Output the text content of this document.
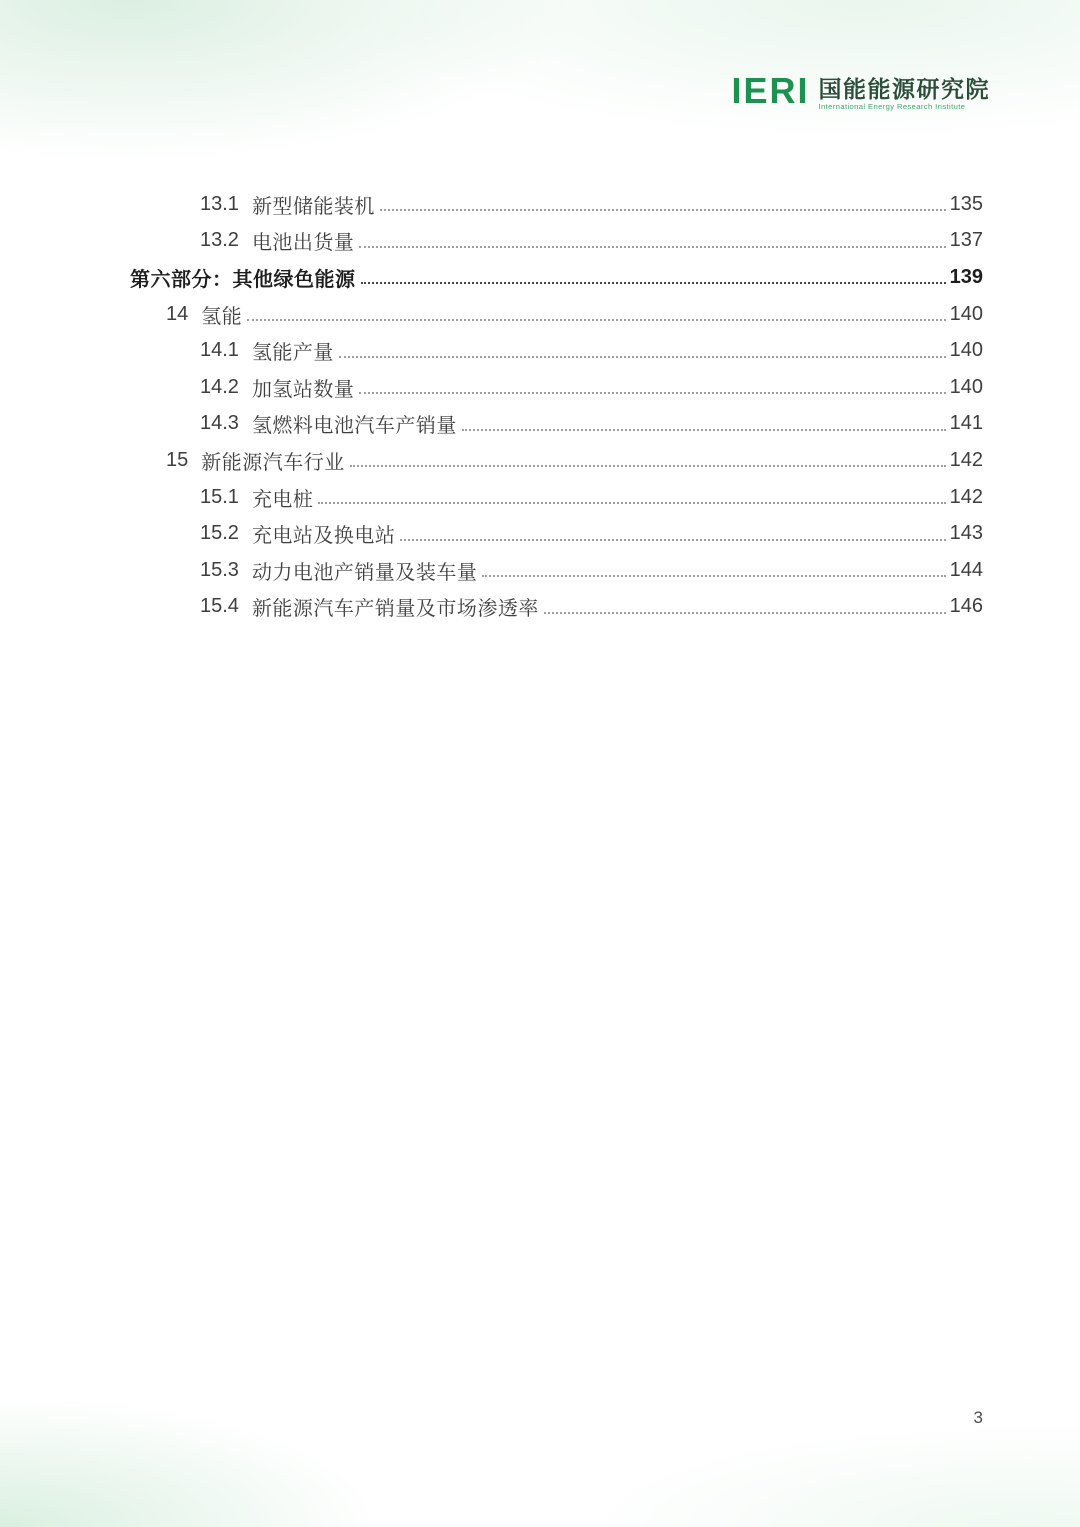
IERI 国能能源研究院
International Energy Research Institute
13.1 新型储能装机	135
13.2 电池出货量	137
第六部分：其他绿色能源	139
14 氢能	140
14.1 氢能产量	140
14.2 加氢站数量	140
14.3 氢燃料电池汽车产销量	141
15 新能源汽车行业	142
15.1 充电桩	142
15.2 充电站及换电站	143
15.3 动力电池产销量及装车量	144
15.4 新能源汽车产销量及市场渗透率	146
3
